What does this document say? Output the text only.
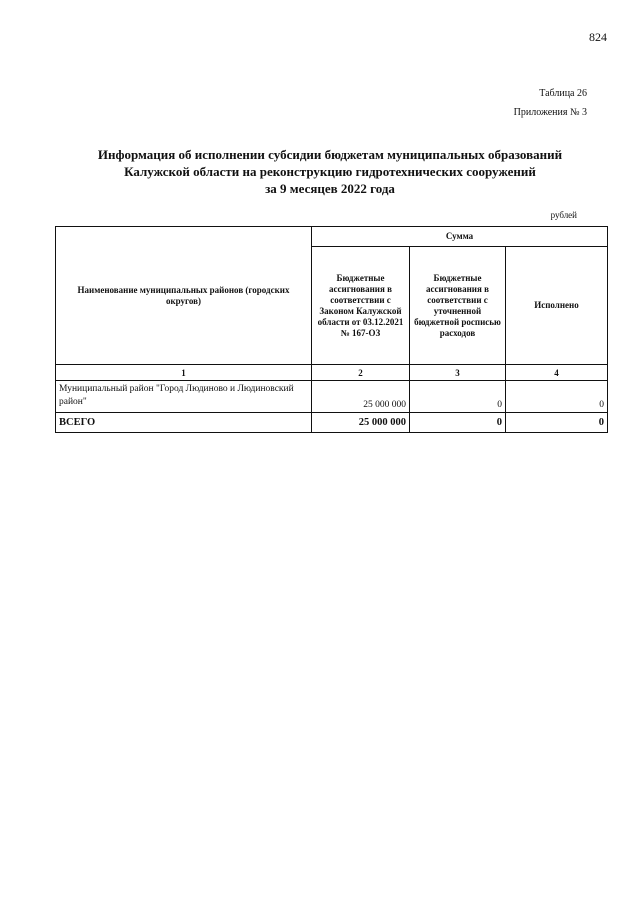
824
Таблица 26
Приложения № 3
Информация об исполнении субсидии бюджетам муниципальных образований
Калужской области на реконструкцию гидротехнических сооружений
за 9 месяцев 2022 года
рублей
Наименование муниципальных районов (городских округов)	Сумма		
	Бюджетные ассигнования в соответствии с Законом Калужской области от 03.12.2021 № 167-ОЗ	Бюджетные ассигнования в соответствии с уточненной бюджетной росписью расходов	Исполнено
1	2	3	4
Муниципальный район "Город Людиново и Людиновский район"	25 000 000	0	0
ВСЕГО	25 000 000	0	0
